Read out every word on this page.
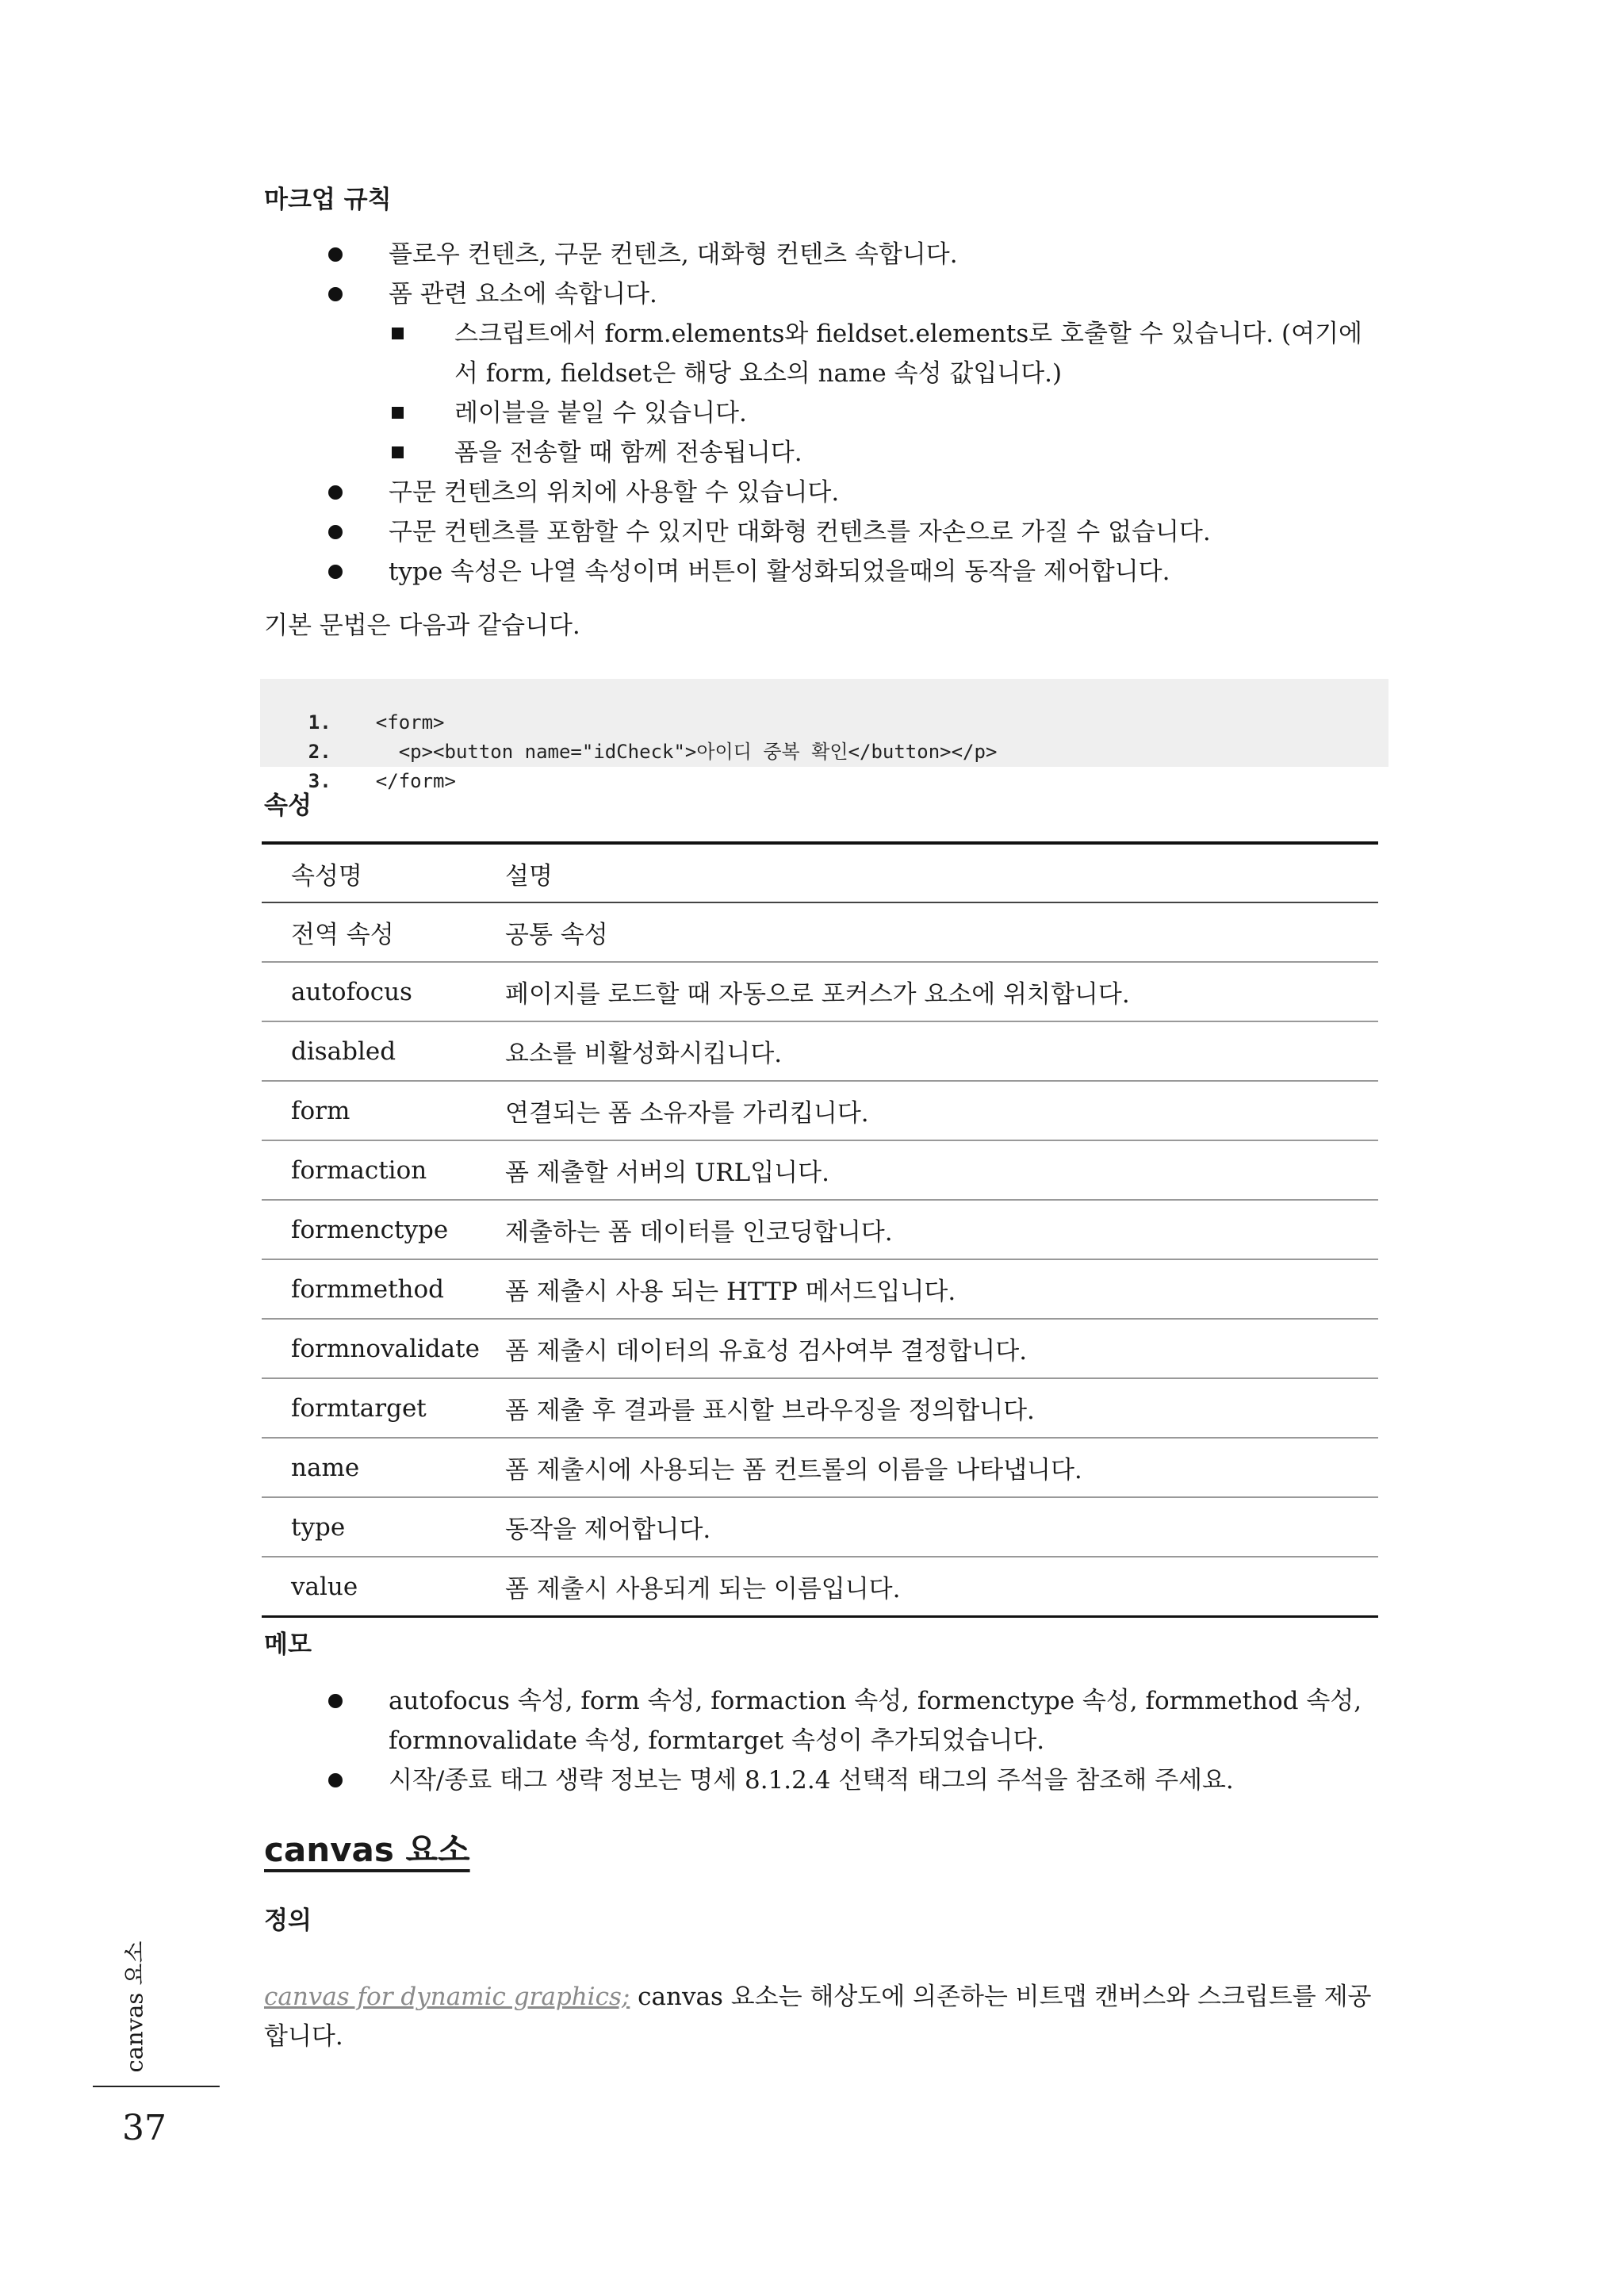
마크업 규칙
플로우 컨텐츠, 구문 컨텐츠, 대화형 컨텐츠 속합니다.
폼 관련 요소에 속합니다.
스크립트에서 form.elements와 fieldset.elements로 호출할 수 있습니다. (여기에 서 form, fieldset은 해당 요소의 name 속성 값입니다.)
레이블을 붙일 수 있습니다.
폼을 전송할 때 함께 전송됩니다.
구문 컨텐츠의 위치에 사용할 수 있습니다.
구문 컨텐츠를 포함할 수 있지만 대화형 컨텐츠를 자손으로 가질 수 없습니다.
type 속성은 나열 속성이며 버튼이 활성화되었을때의 동작을 제어합니다.

기본 문법은 다음과 같습니다.

1. <form>

2.  <p><button name="idCheck">아이디 중복 확인</button></p>

3. </form>

속성
속성명	설명
전역 속성	공통 속성
autofocus	페이지를 로드할 때 자동으로 포커스가 요소에 위치합니다.
disabled	요소를 비활성화시킵니다.
form	연결되는 폼 소유자를 가리킵니다.
formaction	폼 제출할 서버의 URL입니다.
formenctype	제출하는 폼 데이터를 인코딩합니다.
formmethod	폼 제출시 사용 되는 HTTP 메서드입니다.
formnovalidate	폼 제출시 데이터의 유효성 검사여부 결정합니다.
formtarget	폼 제출 후 결과를 표시할 브라우징을 정의합니다.
name	폼 제출시에 사용되는 폼 컨트롤의 이름을 나타냅니다.
type	동작을 제어합니다.
value	폼 제출시 사용되게 되는 이름입니다.
메모
autofocus 속성, form 속성, formaction 속성, formenctype 속성, formmethod 속성, formnovalidate 속성, formtarget 속성이 추가되었습니다.
시작/종료 태그 생략 정보는 명세 8.1.2.4 선택적 태그의 주석을 참조해 주세요.
canvas 요소
정의

canvas for dynamic graphics; canvas 요소는 해상도에 의존하는 비트맵 캔버스와 스크립트를 제공합니다.

canvas 요소
37
